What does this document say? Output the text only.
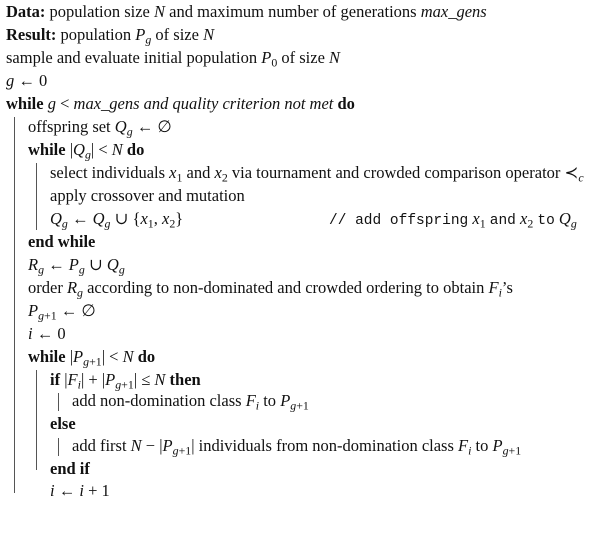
Data: population size N and maximum number of generations max_gens
Result: population $P_g$ of size N
sample and evaluate initial population $P_0$ of size N
g ← 0
while g < max_gens and quality criterion not met do
offspring set $Q_g$ ← ∅
while $|Q_g| < N$ do
select individuals $x_1$ and $x_2$ via tournament and crowded comparison operator $≺_c$
apply crossover and mutation
$Q_g$ ← $Q_g$ ∪ {$x_1$, $x_2$}	// add offspring $x_1$ and $x_2$ to $Q_g$
end while
$R_g$ ← $P_g$ ∪ $Q_g$
order $R_g$ according to non-dominated and crowded ordering to obtain $F_i’s$
$P_{g+1}$ ← ∅
i ← 0
while $|P_{g+1}| < N$ do
if $|F_i| + |P_{g+1}| \le N$ then
add non-domination class $F_i$ to $P_{g+1}$
else
add first $N - |P_{g+1}|$ individuals from non-domination class $F_i$ to $P_{g+1}$
end if
i ← i + 1
